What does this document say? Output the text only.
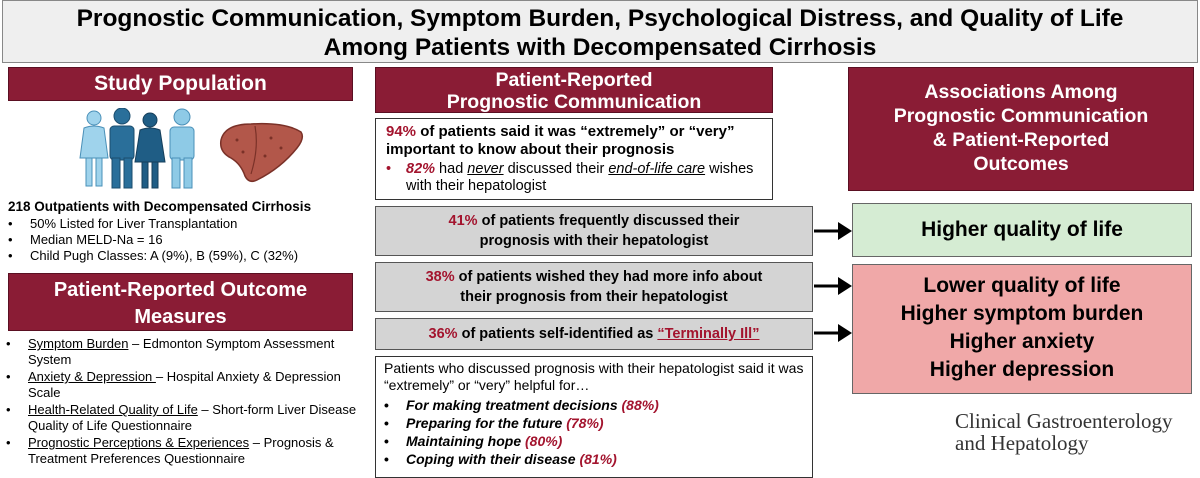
Prognostic Communication, Symptom Burden, Psychological Distress, and Quality of Life
Among Patients with Decompensated Cirrhosis
Study Population
218 Outpatients with Decompensated Cirrhosis
• 50% Listed for Liver Transplantation
• Median MELD-Na = 16
• Child Pugh Classes: A (9%), B (59%), C (32%)
Patient-Reported Outcome
Measures
• Symptom Burden – Edmonton Symptom Assessment System
• Anxiety & Depression – Hospital Anxiety & Depression Scale
• Health-Related Quality of Life – Short-form Liver Disease Quality of Life Questionnaire
• Prognostic Perceptions & Experiences – Prognosis & Treatment Preferences Questionnaire
Patient-Reported
Prognostic Communication
94% of patients said it was “extremely” or “very” important to know about their prognosis
•	82% had never discussed their end-of-life care wishes with their hepatologist
41% of patients frequently discussed their
prognosis with their hepatologist
38% of patients wished they had more info about
their prognosis from their hepatologist
36% of patients self-identified as “Terminally Ill”
Patients who discussed prognosis with their hepatologist said it was “extremely” or “very” helpful for…
•	For making treatment decisions (88%)
•	Preparing for the future (78%)
•	Maintaining hope (80%)
•	Coping with their disease (81%)
Associations Among
Prognostic Communication
& Patient-Reported
Outcomes
Higher quality of life
Lower quality of life
Higher symptom burden
Higher anxiety
Higher depression
Clinical Gastroenterology
and Hepatology
